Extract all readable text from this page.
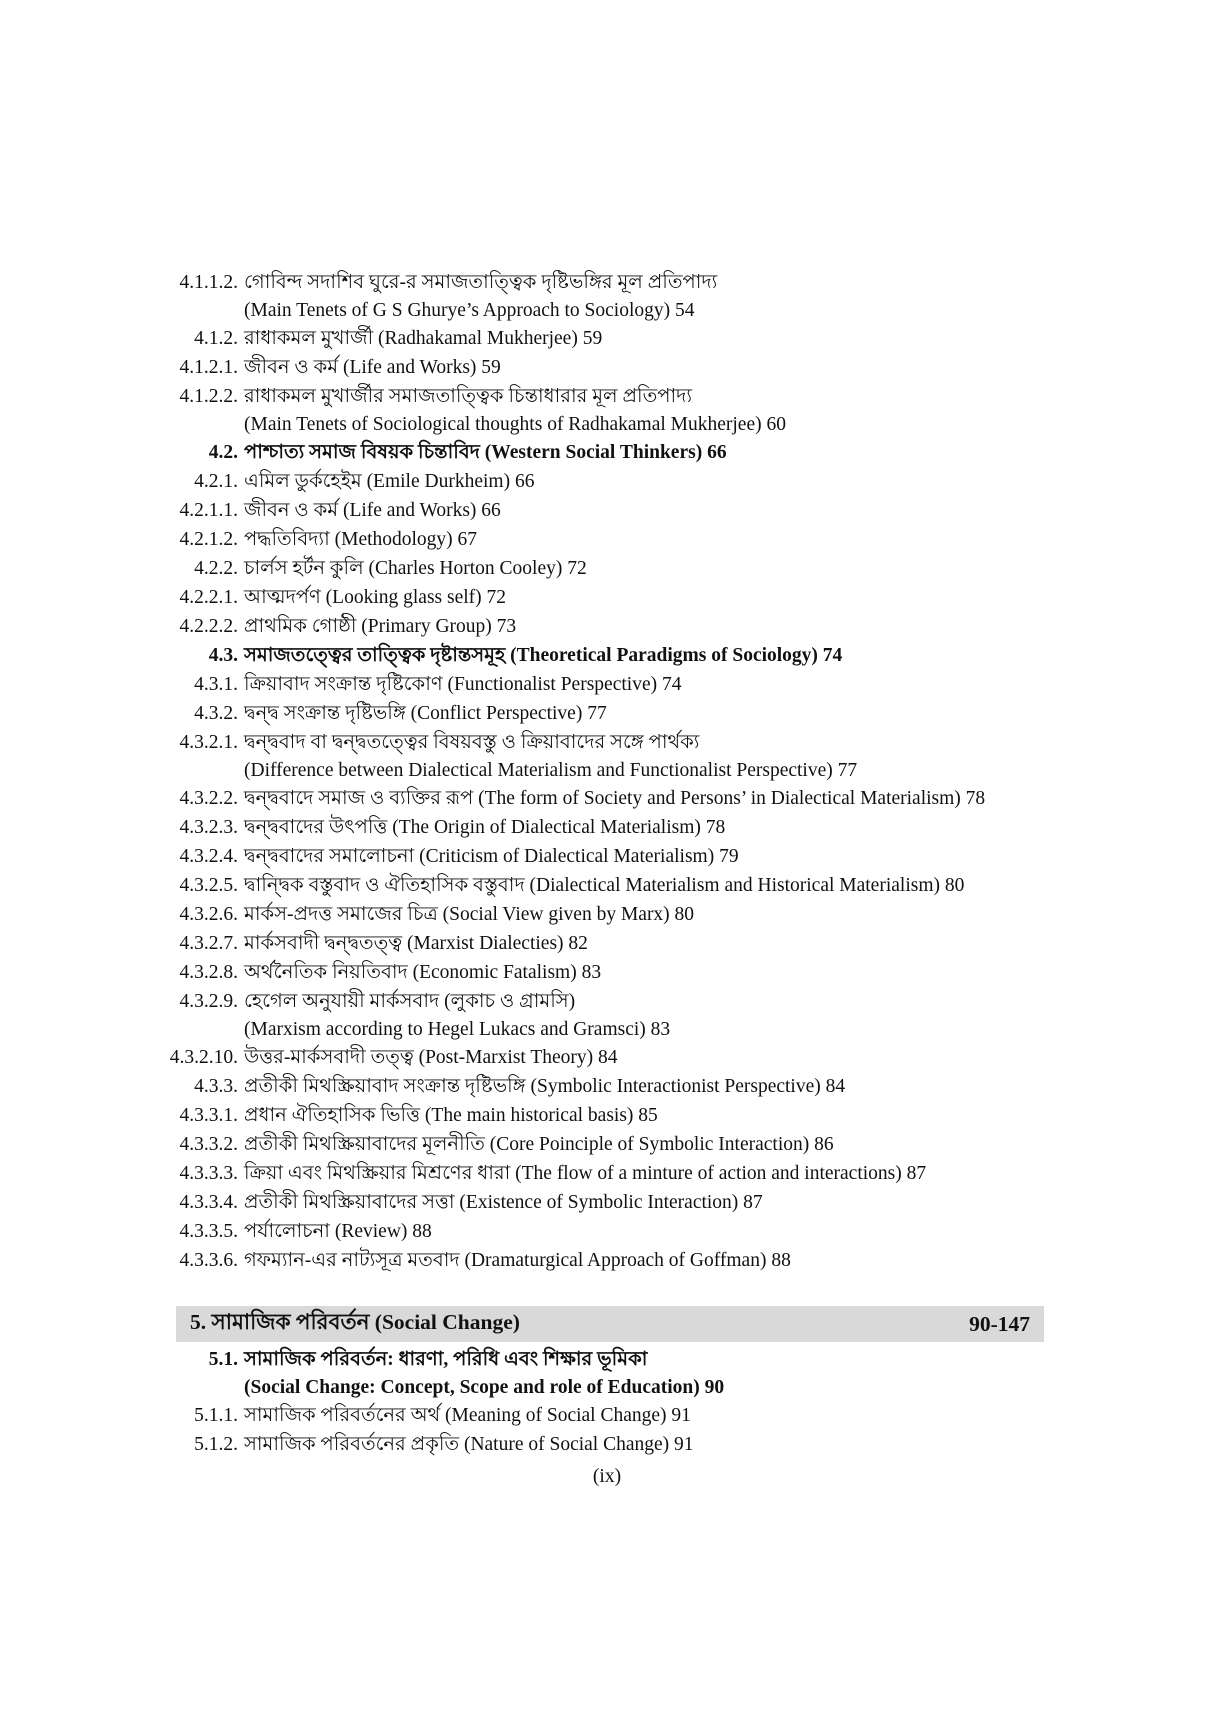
4.1.1.2. গোবিন্দ সদাশিব ঘুরে-র সমাজতাত্ত্বিক দৃষ্টিভঙ্গির মূল প্রতিপাদ্য
(Main Tenets of G S Ghurye’s Approach to Sociology) 54
4.1.2. রাধাকমল মুখার্জী (Radhakamal Mukherjee) 59
4.1.2.1. জীবন ও কর্ম (Life and Works) 59
4.1.2.2. রাধাকমল মুখার্জীর সমাজতাত্ত্বিক চিন্তাধারার মূল প্রতিপাদ্য
(Main Tenets of Sociological thoughts of Radhakamal Mukherjee) 60
4.2. পাশ্চাত্য সমাজ বিষয়ক চিন্তাবিদ (Western Social Thinkers) 66
4.2.1. এমিল ডুর্কহেইম (Emile Durkheim) 66
4.2.1.1. জীবন ও কর্ম (Life and Works) 66
4.2.1.2. পদ্ধতিবিদ্যা (Methodology) 67
4.2.2. চার্লস হর্টন কুলি (Charles Horton Cooley) 72
4.2.2.1. আত্মদর্পণ (Looking glass self) 72
4.2.2.2. প্রাথমিক গোষ্ঠী (Primary Group) 73
4.3. সমাজতত্ত্বের তাত্ত্বিক দৃষ্টান্তসমূহ (Theoretical Paradigms of Sociology) 74
4.3.1. ক্রিয়াবাদ সংক্রান্ত দৃষ্টিকোণ (Functionalist Perspective) 74
4.3.2. দ্বন্দ্ব সংক্রান্ত দৃষ্টিভঙ্গি (Conflict Perspective) 77
4.3.2.1. দ্বন্দ্ববাদ বা দ্বন্দ্বতত্ত্বের বিষয়বস্তু ও ক্রিয়াবাদের সঙ্গে পার্থক্য
(Difference between Dialectical Materialism and Functionalist Perspective) 77
4.3.2.2. দ্বন্দ্ববাদে সমাজ ও ব্যক্তির রূপ (The form of Society and Persons’ in Dialectical Materialism) 78
4.3.2.3. দ্বন্দ্ববাদের উৎপত্তি (The Origin of Dialectical Materialism) 78
4.3.2.4. দ্বন্দ্ববাদের সমালোচনা (Criticism of Dialectical Materialism) 79
4.3.2.5. দ্বান্দ্বিক বস্তুবাদ ও ঐতিহাসিক বস্তুবাদ (Dialectical Materialism and Historical Materialism) 80
4.3.2.6. মার্কস-প্রদত্ত সমাজের চিত্র (Social View given by Marx) 80
4.3.2.7. মার্কসবাদী দ্বন্দ্বতত্ত্ব (Marxist Dialecties) 82
4.3.2.8. অর্থনৈতিক নিয়তিবাদ (Economic Fatalism) 83
4.3.2.9. হেগেল অনুযায়ী মার্কসবাদ (লুকাচ ও গ্রামসি)
(Marxism according to Hegel Lukacs and Gramsci) 83
4.3.2.10. উত্তর-মার্কসবাদী তত্ত্ব (Post-Marxist Theory) 84
4.3.3. প্রতীকী মিথস্ক্রিয়াবাদ সংক্রান্ত দৃষ্টিভঙ্গি (Symbolic Interactionist Perspective) 84
4.3.3.1. প্রধান ঐতিহাসিক ভিত্তি (The main historical basis) 85
4.3.3.2. প্রতীকী মিথস্ক্রিয়াবাদের মূলনীতি (Core Poinciple of Symbolic Interaction) 86
4.3.3.3. ক্রিয়া এবং মিথস্ক্রিয়ার মিশ্রণের ধারা (The flow of a minture of action and interactions) 87
4.3.3.4. প্রতীকী মিথস্ক্রিয়াবাদের সত্তা (Existence of Symbolic Interaction) 87
4.3.3.5. পর্যালোচনা (Review) 88
4.3.3.6. গফম্যান-এর নাট্যসূত্র মতবাদ (Dramaturgical Approach of Goffman) 88
5. সামাজিক পরিবর্তন (Social Change)	90-147
5.1. সামাজিক পরিবর্তন: ধারণা, পরিধি এবং শিক্ষার ভূমিকা
(Social Change: Concept, Scope and role of Education) 90
5.1.1. সামাজিক পরিবর্তনের অর্থ (Meaning of Social Change) 91
5.1.2. সামাজিক পরিবর্তনের প্রকৃতি (Nature of Social Change) 91
(ix)
